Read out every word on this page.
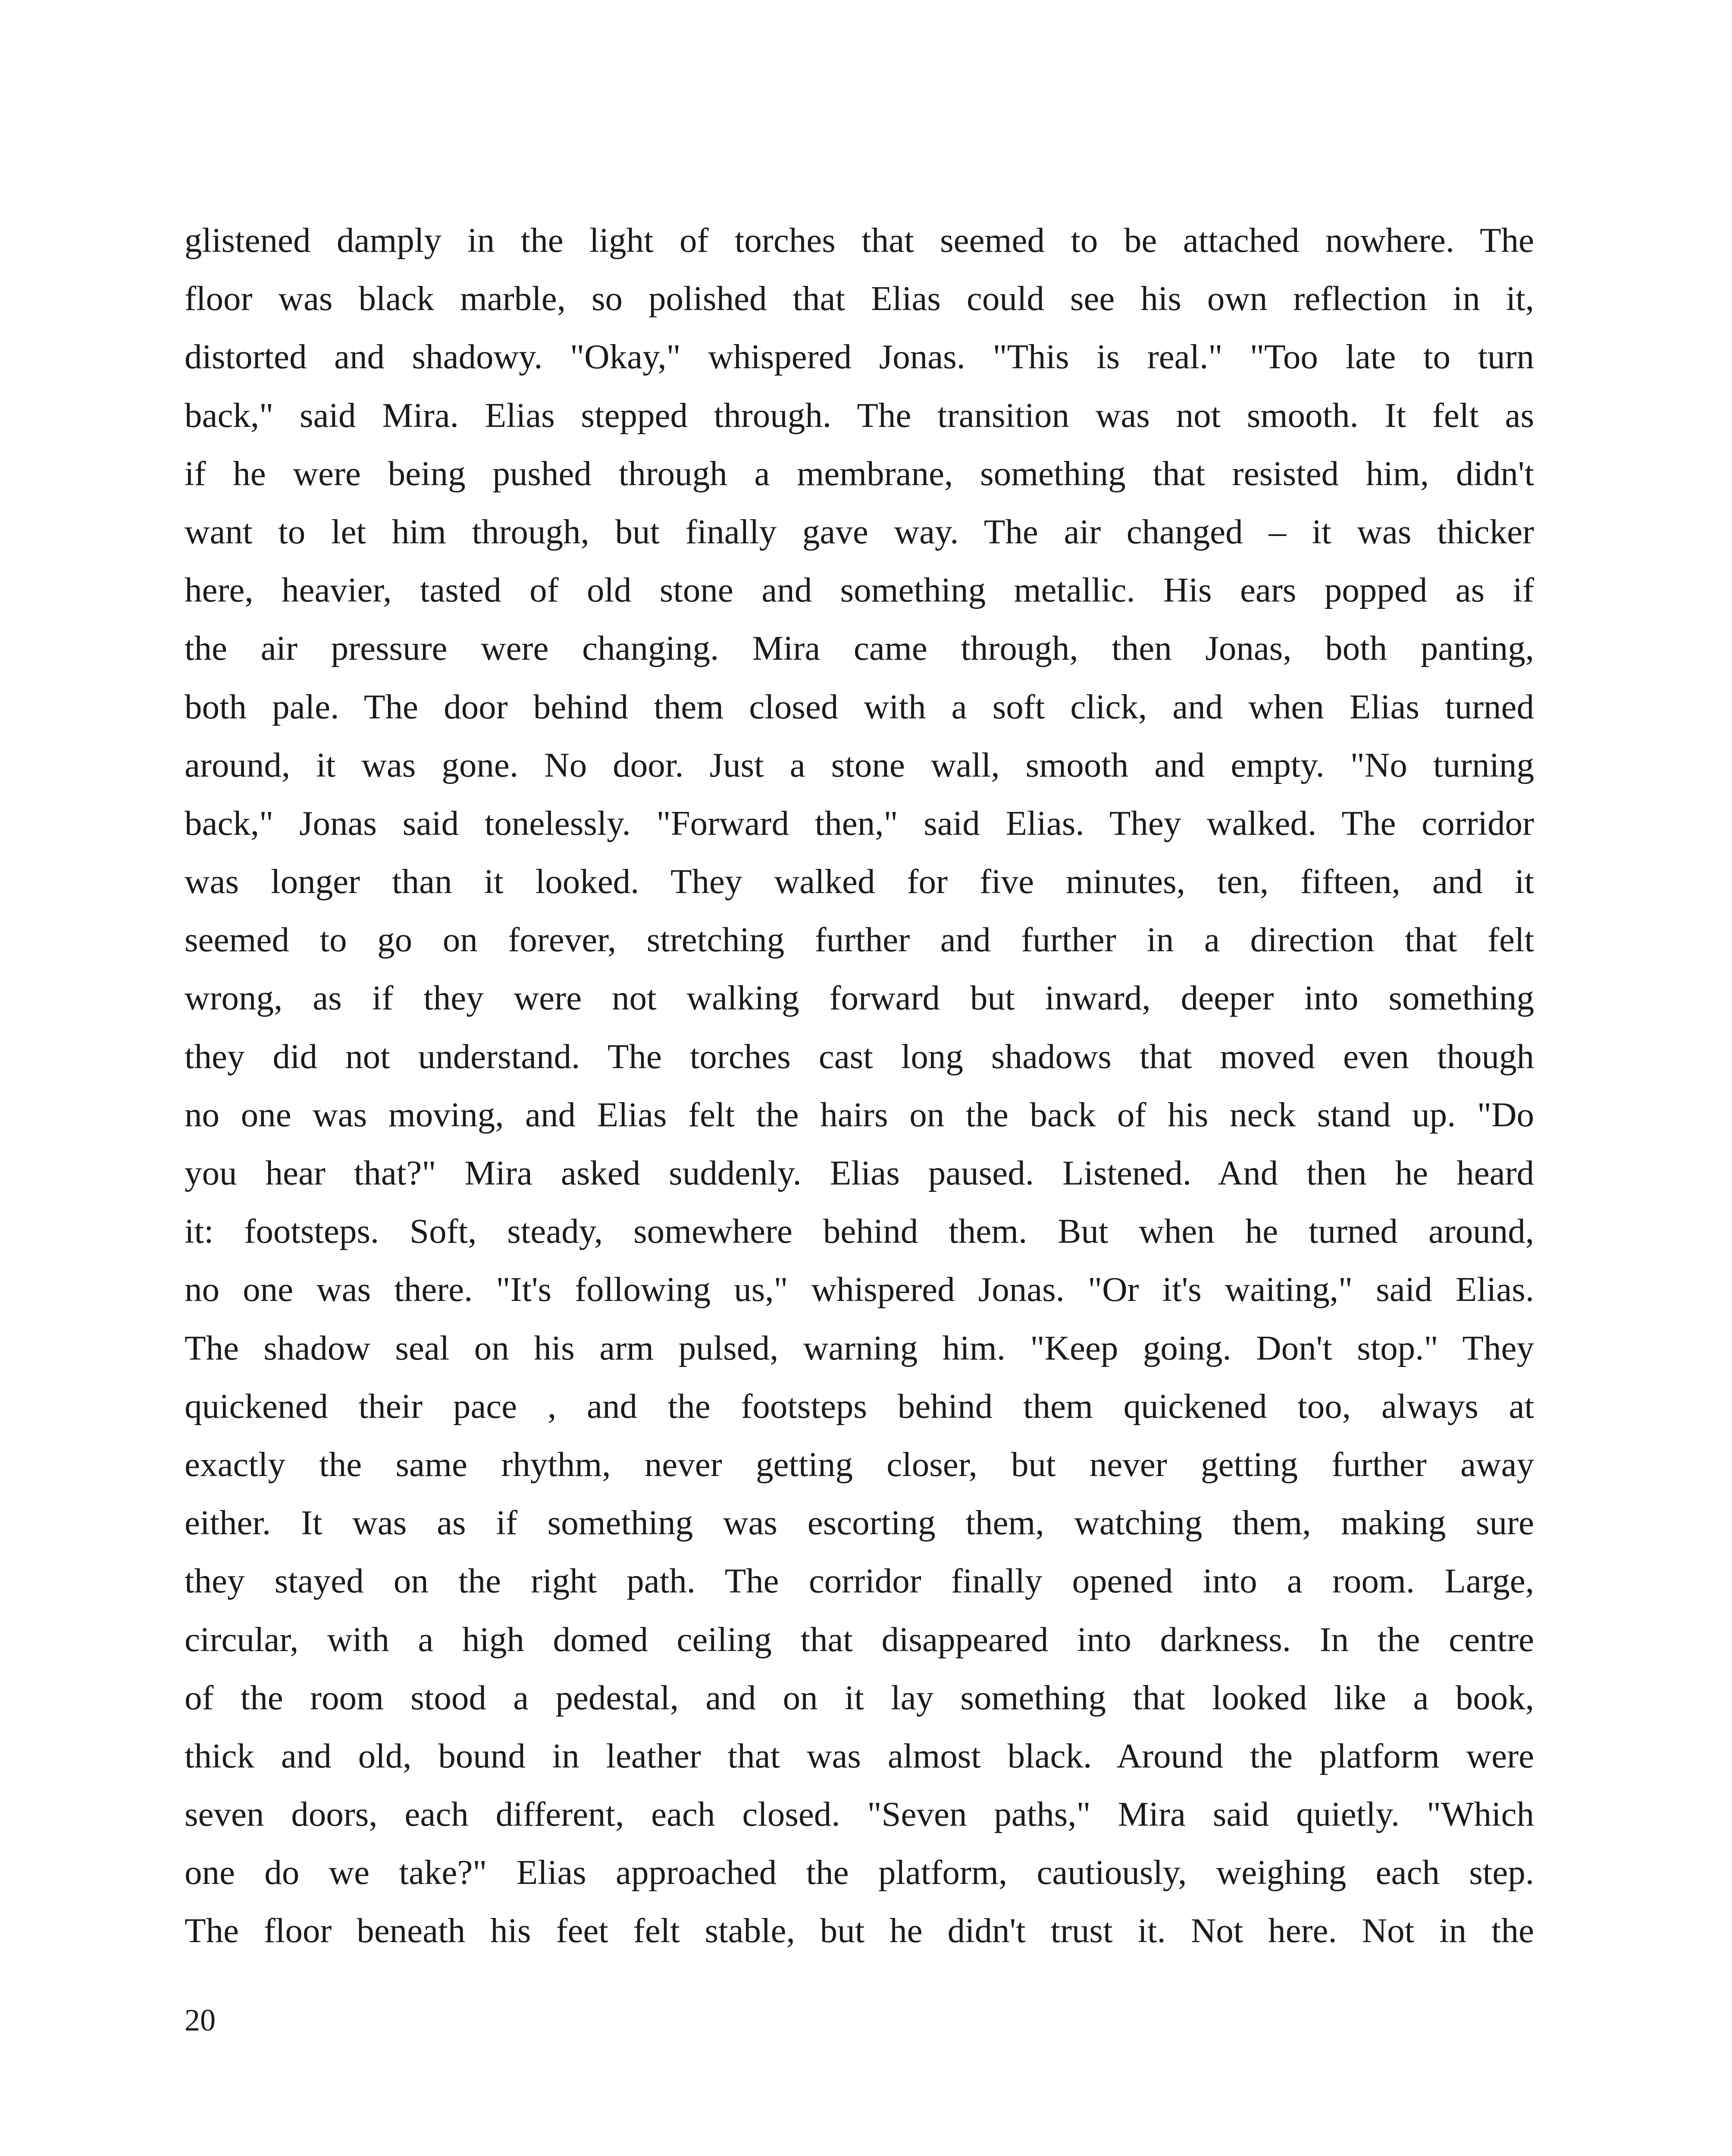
glistened damply in the light of torches that seemed to be attached nowhere. The
floor was black marble, so polished that Elias could see his own reflection in it,
distorted and shadowy. "Okay," whispered Jonas. "This is real." "Too late to turn
back," said Mira. Elias stepped through. The transition was not smooth. It felt as
if he were being pushed through a membrane, something that resisted him, didn't
want to let him through, but finally gave way. The air changed – it was thicker
here, heavier, tasted of old stone and something metallic. His ears popped as if
the air pressure were changing. Mira came through, then Jonas, both panting,
both pale. The door behind them closed with a soft click, and when Elias turned
around, it was gone. No door. Just a stone wall, smooth and empty. "No turning
back," Jonas said tonelessly. "Forward then," said Elias. They walked. The corridor
was longer than it looked. They walked for five minutes, ten, fifteen, and it
seemed to go on forever, stretching further and further in a direction that felt
wrong, as if they were not walking forward but inward, deeper into something
they did not understand. The torches cast long shadows that moved even though
no one was moving, and Elias felt the hairs on the back of his neck stand up. "Do
you hear that?" Mira asked suddenly. Elias paused. Listened. And then he heard
it: footsteps. Soft, steady, somewhere behind them. But when he turned around,
no one was there. "It's following us," whispered Jonas. "Or it's waiting," said Elias.
The shadow seal on his arm pulsed, warning him. "Keep going. Don't stop." They
quickened their pace , and the footsteps behind them quickened too, always at
exactly the same rhythm, never getting closer, but never getting further away
either. It was as if something was escorting them, watching them, making sure
they stayed on the right path. The corridor finally opened into a room. Large,
circular, with a high domed ceiling that disappeared into darkness. In the centre
of the room stood a pedestal, and on it lay something that looked like a book,
thick and old, bound in leather that was almost black. Around the platform were
seven doors, each different, each closed. "Seven paths," Mira said quietly. "Which
one do we take?" Elias approached the platform, cautiously, weighing each step.
The floor beneath his feet felt stable, but he didn't trust it. Not here. Not in the
20
